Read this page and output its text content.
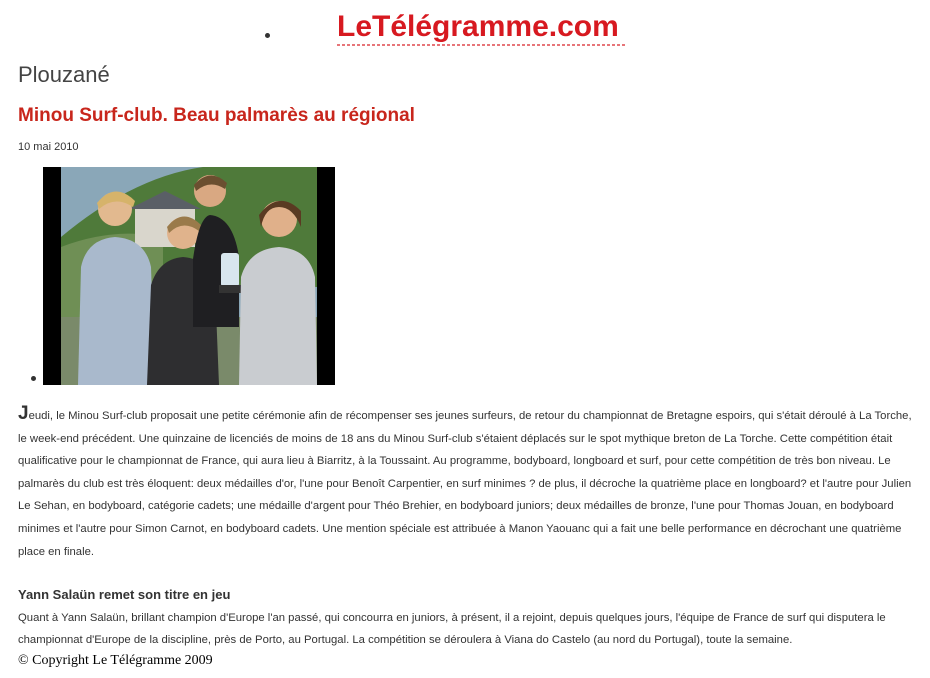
LeTélégramme.com
Plouzané
Minou Surf-club. Beau palmarès au régional
10 mai 2010
Jeudi, le Minou Surf-club proposait une petite cérémonie afin de récompenser ses jeunes surfeurs, de retour du championnat de Bretagne espoirs, qui s'était déroulé à La Torche, le week-end précédent. Une quinzaine de licenciés de moins de 18 ans du Minou Surf-club s'étaient déplacés sur le spot mythique breton de La Torche. Cette compétition était qualificative pour le championnat de France, qui aura lieu à Biarritz, à la Toussaint. Au programme, bodyboard, longboard et surf, pour cette compétition de très bon niveau. Le palmarès du club est très éloquent: deux médailles d'or, l'une pour Benoît Carpentier, en surf minimes ? de plus, il décroche la quatrième place en longboard? et l'autre pour Julien Le Sehan, en bodyboard, catégorie cadets; une médaille d'argent pour Théo Brehier, en bodyboard juniors; deux médailles de bronze, l'une pour Thomas Jouan, en bodyboard minimes et l'autre pour Simon Carnot, en bodyboard cadets. Une mention spéciale est attribuée à Manon Yaouanc qui a fait une belle performance en décrochant une quatrième place en finale.
Yann Salaün remet son titre en jeu
Quant à Yann Salaün, brillant champion d'Europe l'an passé, qui concourra en juniors, à présent, il a rejoint, depuis quelques jours, l'équipe de France de surf qui disputera le championnat d'Europe de la discipline, près de Porto, au Portugal. La compétition se déroulera à Viana do Castelo (au nord du Portugal), toute la semaine.
© Copyright Le Télégramme 2009
